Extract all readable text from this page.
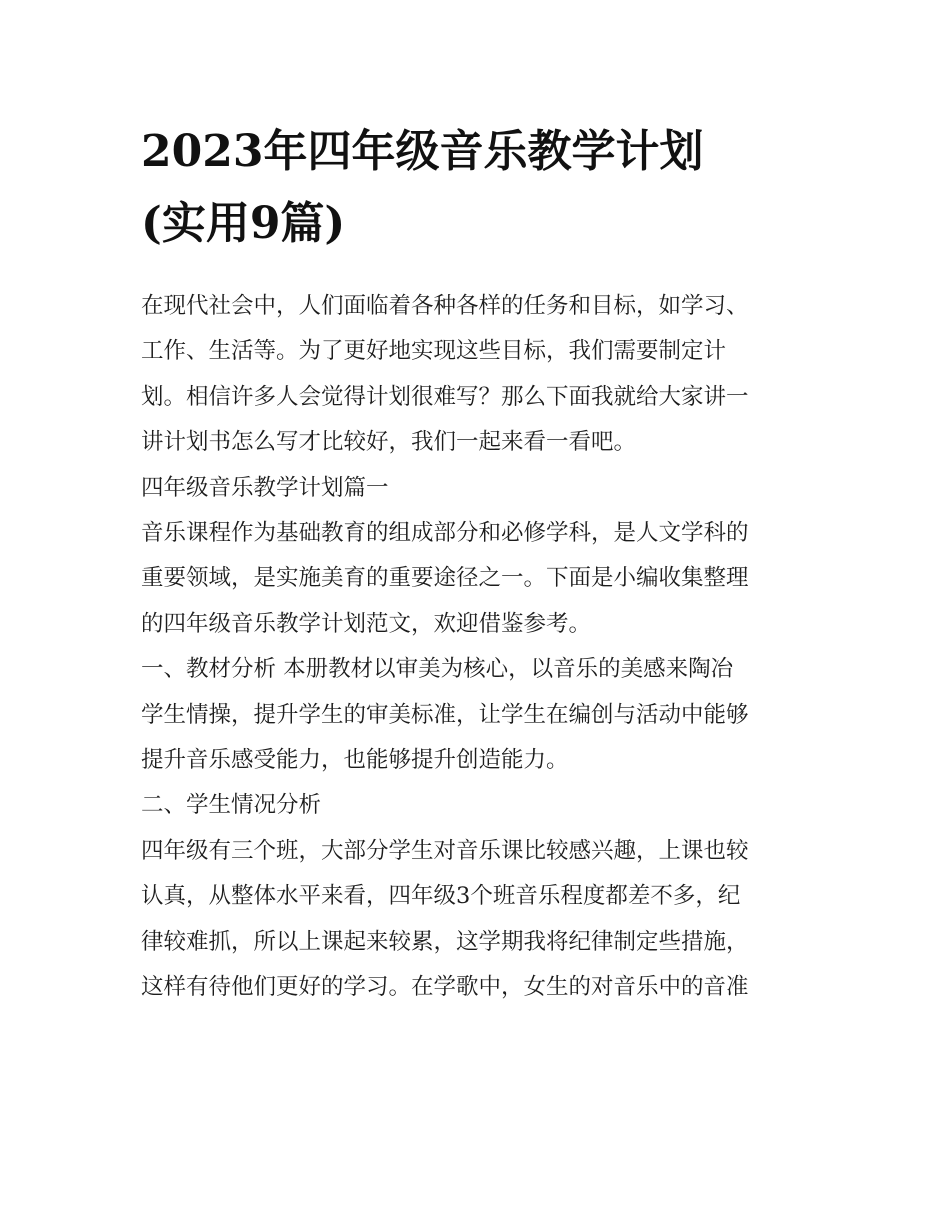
2023年四年级音乐教学计划
(实用9篇)
在现代社会中，人们面临着各种各样的任务和目标，如学习、
工作、生活等。为了更好地实现这些目标，我们需要制定计
划。相信许多人会觉得计划很难写？那么下面我就给大家讲一
讲计划书怎么写才比较好，我们一起来看一看吧。
四年级音乐教学计划篇一
音乐课程作为基础教育的组成部分和必修学科，是人文学科的
重要领域，是实施美育的重要途径之一。下面是小编收集整理
的四年级音乐教学计划范文，欢迎借鉴参考。
一、教材分析 本册教材以审美为核心，以音乐的美感来陶冶
学生情操，提升学生的审美标准，让学生在编创与活动中能够
提升音乐感受能力，也能够提升创造能力。
二、学生情况分析
四年级有三个班，大部分学生对音乐课比较感兴趣，上课也较
认真，从整体水平来看，四年级3个班音乐程度都差不多，纪
律较难抓，所以上课起来较累，这学期我将纪律制定些措施，
这样有待他们更好的学习。在学歌中，女生的对音乐中的音准
